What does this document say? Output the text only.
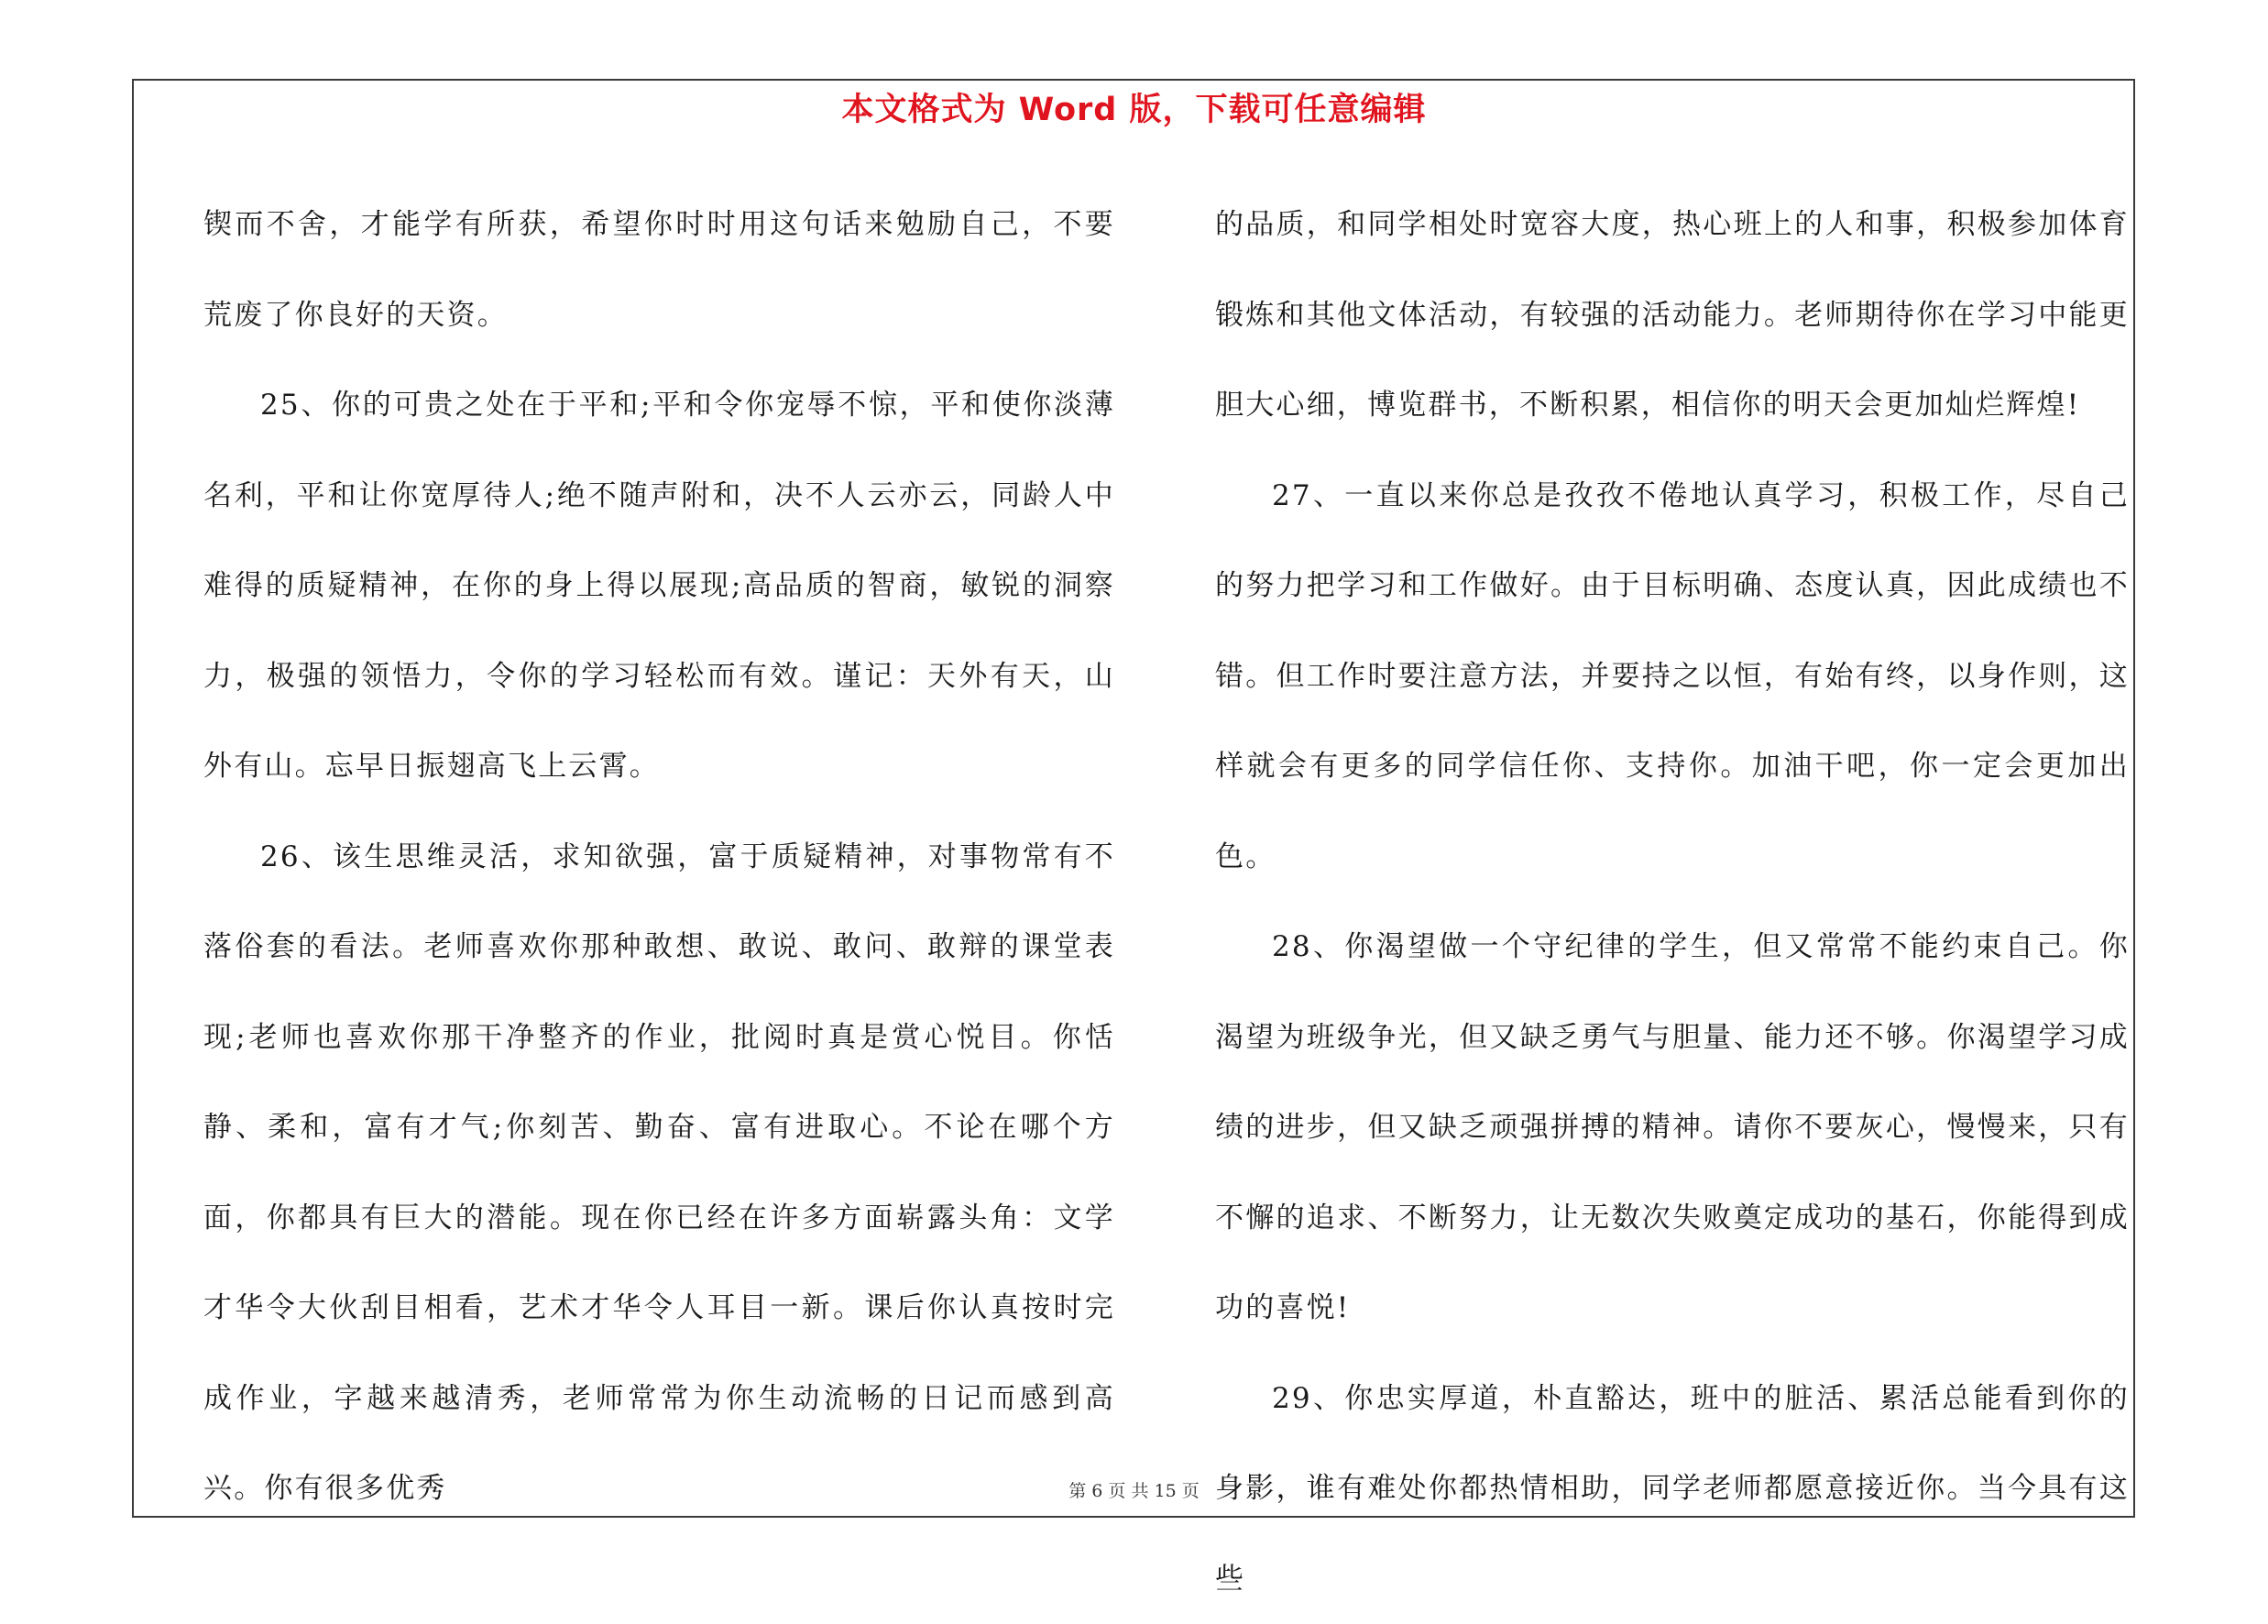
本文格式为 Word 版，下载可任意编辑

锲而不舍，才能学有所获，希望你时时用这句话来勉励自己，不要荒废了你良好的天资。

25、你的可贵之处在于平和;平和令你宠辱不惊，平和使你淡薄名利，平和让你宽厚待人;绝不随声附和，决不人云亦云，同龄人中难得的质疑精神，在你的身上得以展现;高品质的智商，敏锐的洞察力，极强的领悟力，令你的学习轻松而有效。谨记：天外有天，山外有山。忘早日振翅高飞上云霄。

26、该生思维灵活，求知欲强，富于质疑精神，对事物常有不落俗套的看法。老师喜欢你那种敢想、敢说、敢问、敢辩的课堂表现;老师也喜欢你那干净整齐的作业，批阅时真是赏心悦目。你恬静、柔和，富有才气;你刻苦、勤奋、富有进取心。不论在哪个方面，你都具有巨大的潜能。现在你已经在许多方面崭露头角：文学才华令大伙刮目相看，艺术才华令人耳目一新。课后你认真按时完成作业，字越来越清秀，老师常常为你生动流畅的日记而感到高兴。你有很多优秀

的品质，和同学相处时宽容大度，热心班上的人和事，积极参加体育锻炼和其他文体活动，有较强的活动能力。老师期待你在学习中能更胆大心细，博览群书，不断积累，相信你的明天会更加灿烂辉煌!

27、一直以来你总是孜孜不倦地认真学习，积极工作，尽自己的努力把学习和工作做好。由于目标明确、态度认真，因此成绩也不错。但工作时要注意方法，并要持之以恒，有始有终，以身作则，这样就会有更多的同学信任你、支持你。加油干吧，你一定会更加出色。

28、你渴望做一个守纪律的学生，但又常常不能约束自己。你渴望为班级争光，但又缺乏勇气与胆量、能力还不够。你渴望学习成绩的进步，但又缺乏顽强拼搏的精神。请你不要灰心，慢慢来，只有不懈的追求、不断努力，让无数次失败奠定成功的基石，你能得到成功的喜悦!

29、你忠实厚道，朴直豁达，班中的脏活、累活总能看到你的身影，谁有难处你都热情相助，同学老师都愿意接近你。当今具有这些

第 6 页 共 15 页
